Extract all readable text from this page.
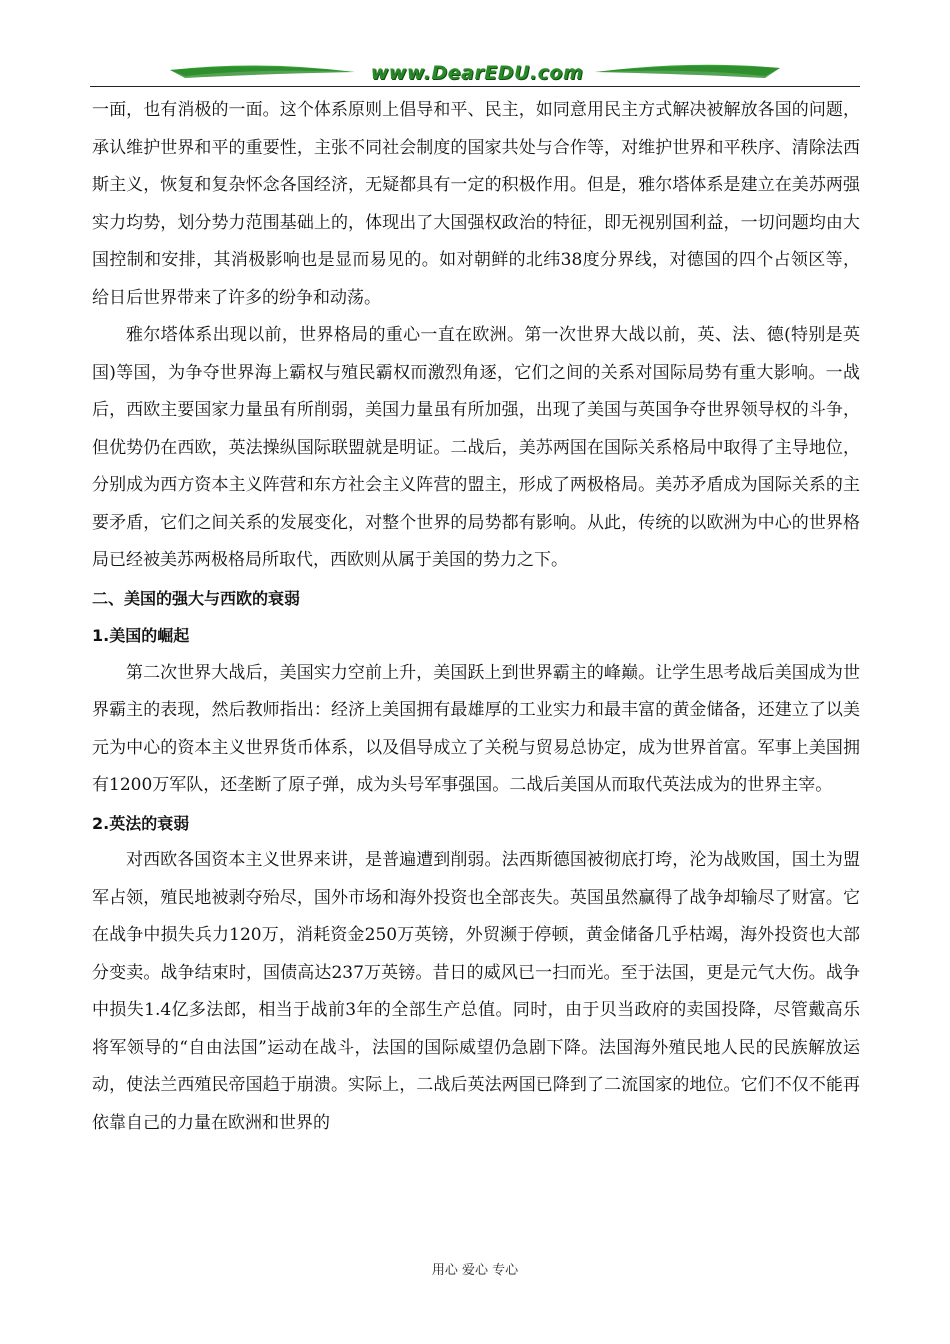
www.DearEDU.com

一面，也有消极的一面。这个体系原则上倡导和平、民主，如同意用民主方式解决被解放各国的问题，承认维护世界和平的重要性，主张不同社会制度的国家共处与合作等，对维护世界和平秩序、清除法西斯主义，恢复和复杂怀念各国经济，无疑都具有一定的积极作用。但是，雅尔塔体系是建立在美苏两强实力均势，划分势力范围基础上的，体现出了大国强权政治的特征，即无视别国利益，一切问题均由大国控制和安排，其消极影响也是显而易见的。如对朝鲜的北纬38度分界线，对德国的四个占领区等，给日后世界带来了许多的纷争和动荡。

雅尔塔体系出现以前，世界格局的重心一直在欧洲。第一次世界大战以前，英、法、德(特别是英国)等国，为争夺世界海上霸权与殖民霸权而激烈角逐，它们之间的关系对国际局势有重大影响。一战后，西欧主要国家力量虽有所削弱，美国力量虽有所加强，出现了美国与英国争夺世界领导权的斗争，但优势仍在西欧，英法操纵国际联盟就是明证。二战后，美苏两国在国际关系格局中取得了主导地位，分别成为西方资本主义阵营和东方社会主义阵营的盟主，形成了两极格局。美苏矛盾成为国际关系的主要矛盾，它们之间关系的发展变化，对整个世界的局势都有影响。从此，传统的以欧洲为中心的世界格局已经被美苏两极格局所取代，西欧则从属于美国的势力之下。

二、美国的强大与西欧的衰弱

1.美国的崛起

第二次世界大战后，美国实力空前上升，美国跃上到世界霸主的峰巅。让学生思考战后美国成为世界霸主的表现，然后教师指出：经济上美国拥有最雄厚的工业实力和最丰富的黄金储备，还建立了以美元为中心的资本主义世界货币体系，以及倡导成立了关税与贸易总协定，成为世界首富。军事上美国拥有1200万军队，还垄断了原子弹，成为头号军事强国。二战后美国从而取代英法成为的世界主宰。

2.英法的衰弱

对西欧各国资本主义世界来讲，是普遍遭到削弱。法西斯德国被彻底打垮，沦为战败国，国土为盟军占领，殖民地被剥夺殆尽，国外市场和海外投资也全部丧失。英国虽然赢得了战争却输尽了财富。它在战争中损失兵力120万，消耗资金250万英镑，外贸濒于停顿，黄金储备几乎枯竭，海外投资也大部分变卖。战争结束时，国债高达237万英镑。昔日的威风已一扫而光。至于法国，更是元气大伤。战争中损失1.4亿多法郎，相当于战前3年的全部生产总值。同时，由于贝当政府的卖国投降，尽管戴高乐将军领导的“自由法国”运动在战斗，法国的国际威望仍急剧下降。法国海外殖民地人民的民族解放运动，使法兰西殖民帝国趋于崩溃。实际上，二战后英法两国已降到了二流国家的地位。它们不仅不能再依靠自己的力量在欧洲和世界的

用心 爱心 专心
